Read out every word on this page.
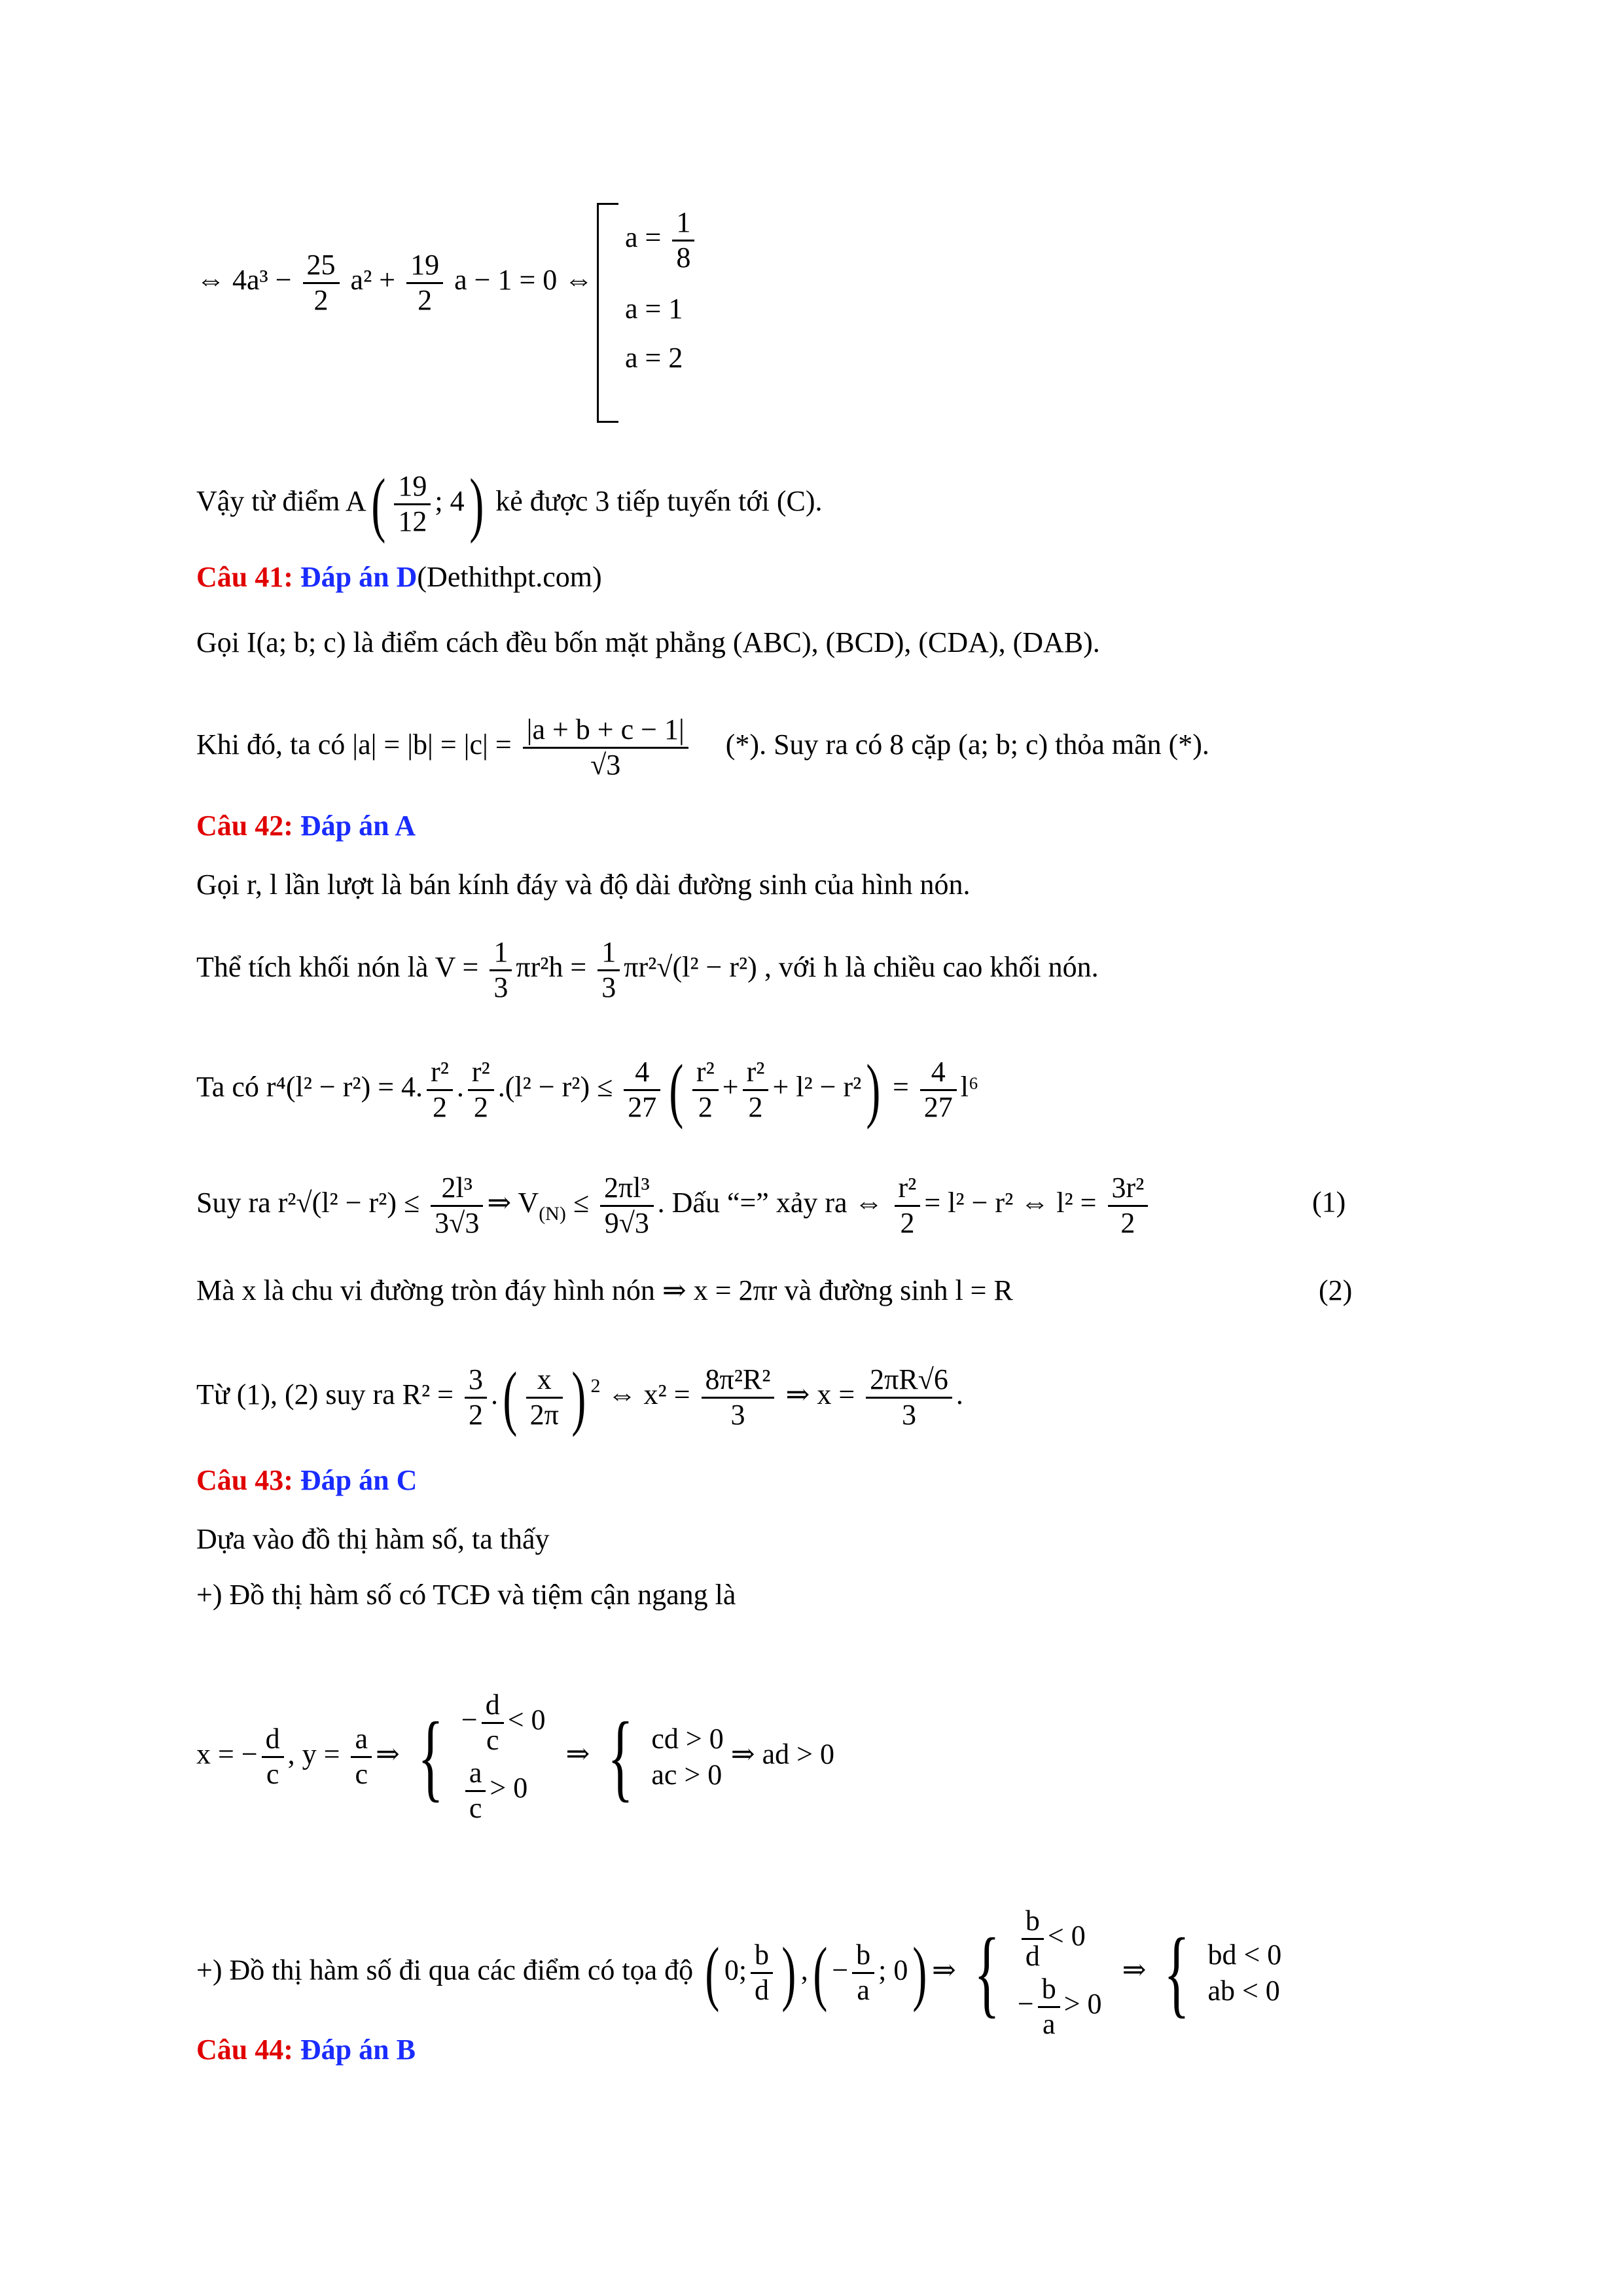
⇔ $4a^3 - \frac{25}{2} a^2 + \frac{19}{2}$ a − 1 = 0 ⇔
$a = \frac{1}{8}$
a = 1
a = 2
Vậy từ điểm $A( \frac{19}{12}$ ; 4) kẻ được 3 tiếp tuyến tới (C).
Câu 41: Đáp án D(Dethithpt.com)
Gọi I(a; b; c) là điểm cách đều bốn mặt phẳng (ABC), (BCD), (CDA), (DAB).
Khi đó, ta có $|a| = |b| = |c| = \frac{|a + b + c - 1|}{√3}$ (*). Suy ra có 8 cặp (a; b; c) thỏa mãn (*).
Câu 42: Đáp án A
Gọi r, l lần lượt là bán kính đáy và độ dài đường sinh của hình nón.
Thể tích khối nón là $V = \frac{1}{3} \pi r^2h = \frac{1}{3} \pi r^2√(l^2 - r^2)$ , với h là chiều cao khối nón.
Ta có r⁴(l² − r²) = 4. $\frac{\text{r²}}{2}$ . $\frac{\text{r²}}{2} .(l^2 - r^2) \le \frac{4}{27}$ ( $\frac{\text{r²}}{2} + \frac{\text{r²}}{2} + l^2 - r^2) = \frac{4}{27} l^6$
Suy ra $r^2√(l^2 - r^2) \le \frac{\text{2l³}}{3√3}$ ⇒ $V_{(N)} \le \frac{\text{2πl³}}{9√3}$ . Dấu “=” xảy ra ⇔ $\frac{\text{r²}}{2} = l^2 - r^2$ ⇔ $l^2 = \frac{\text{3r²}}{2}$	(1)
Mà x là chu vi đường tròn đáy hình nón ⇒ x = 2πr và đường sinh l = R	(2)
Từ (1), (2) suy ra $R^2 = \frac{3}{2}$ .( $\frac{x}{2\pi}$ ) $^2$ ⇔ $x^2 = \frac{\text{8π²R²}}{3}$ ⇒ $x = \frac{2\pi R√6}{3}$ .
Câu 43: Đáp án C
Dựa vào đồ thị hàm số, ta thấy
+) Đồ thị hàm số có TCĐ và tiệm cận ngang là
x = − $\frac{d}{c}$ , $y = \frac{a}{c}$ ⇒ { − $\frac{d}{c} < 0$
$\frac{a}{c} > 0$
⇒ { cd > 0
ac > 0
⇒ ad > 0
+) Đồ thị hàm số đi qua các điểm có tọa độ ( 0; $\frac{b}{d}$ ) ,( − $\frac{b}{a}$ ; 0) ⇒ { $\frac{b}{d} < 0$
− $\frac{b}{a} > 0$
⇒ { bd < 0
ab < 0
Câu 44: Đáp án B
